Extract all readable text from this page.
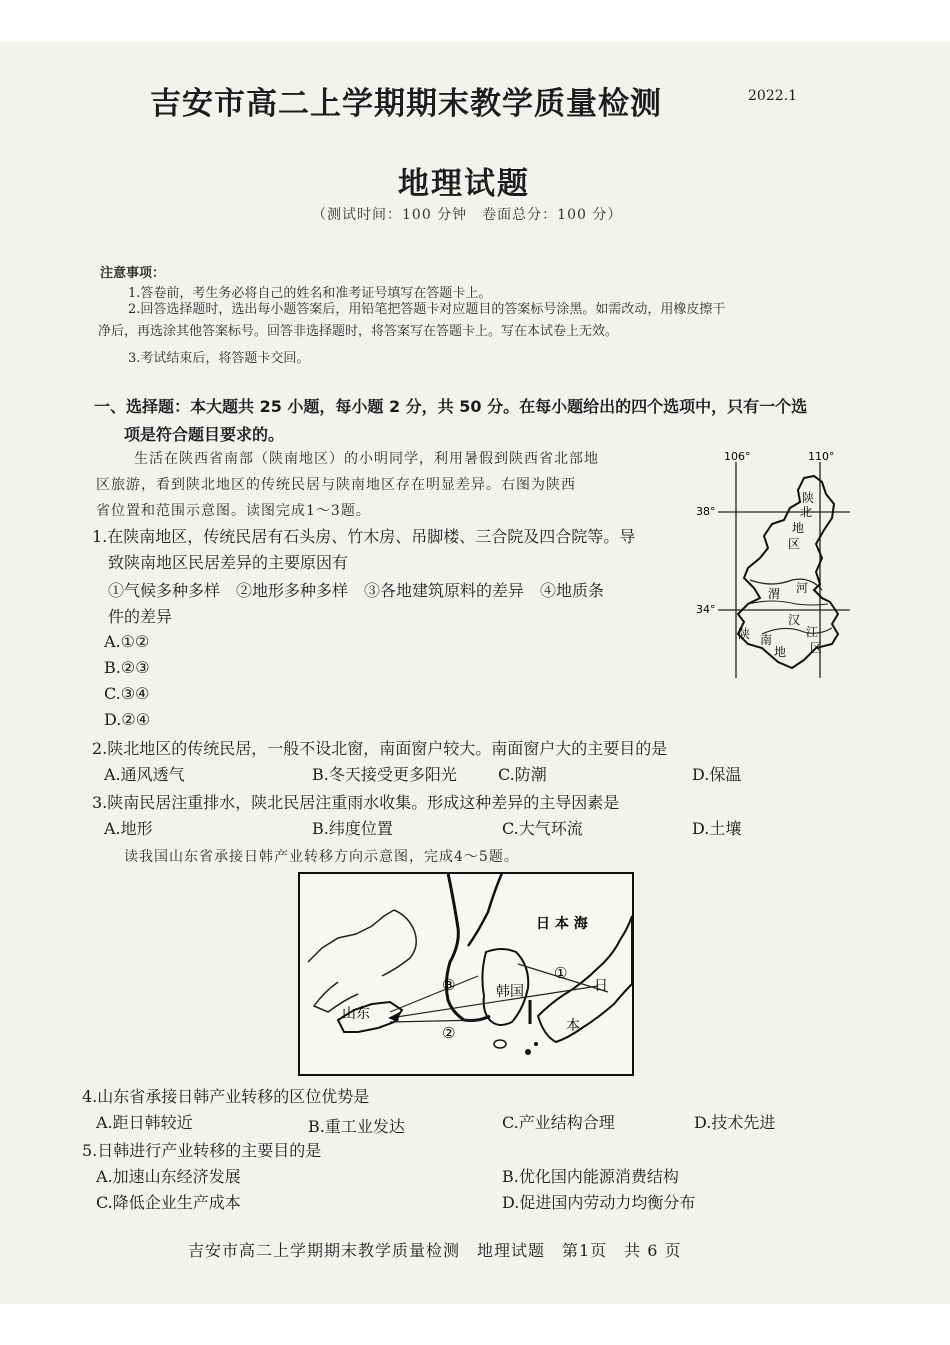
吉安市高二上学期期末教学质量检测	2022.1
地理试题
（测试时间：100 分钟　卷面总分：100 分）
注意事项：
1.答卷前，考生务必将自己的姓名和准考证号填写在答题卡上。
2.回答选择题时，选出每小题答案后，用铅笔把答题卡对应题目的答案标号涂黑。如需改动，用橡皮擦干
净后，再选涂其他答案标号。回答非选择题时，将答案写在答题卡上。写在本试卷上无效。
3.考试结束后，将答题卡交回。
一、选择题：本大题共 25 小题，每小题 2 分，共 50 分。在每小题给出的四个选项中，只有一个选
项是符合题目要求的。
生活在陕西省南部（陕南地区）的小明同学，利用暑假到陕西省北部地
区旅游，看到陕北地区的传统民居与陕南地区存在明显差异。右图为陕西
省位置和范围示意图。读图完成1～3题。
1.在陕南地区，传统民居有石头房、竹木房、吊脚楼、三合院及四合院等。导
致陕南地区民居差异的主要原因有
①气候多种多样　②地形多种多样　③各地建筑原料的差异　④地质条
件的差异
A.①②
B.②③
C.③④
D.②④
106°	110°
38°
34°
陕
北
地
区
渭 河
陕 南
汉
江
地 区
2.陕北地区的传统民居，一般不设北窗，南面窗户较大。南面窗户大的主要目的是
A.通风透气	B.冬天接受更多阳光	C.防潮	D.保温
3.陕南民居注重排水，陕北民居注重雨水收集。形成这种差异的主导因素是
A.地形	B.纬度位置	C.大气环流	D.土壤
读我国山东省承接日韩产业转移方向示意图，完成4～5题。
日 本 海
韩国
山东
日
本
①
②
③
4.山东省承接日韩产业转移的区位优势是
A.距日韩较近	B.重工业发达	C.产业结构合理	D.技术先进
5.日韩进行产业转移的主要目的是
A.加速山东经济发展	B.优化国内能源消费结构
C.降低企业生产成本	D.促进国内劳动力均衡分布
吉安市高二上学期期末教学质量检测　地理试题　第1页　共 6 页
